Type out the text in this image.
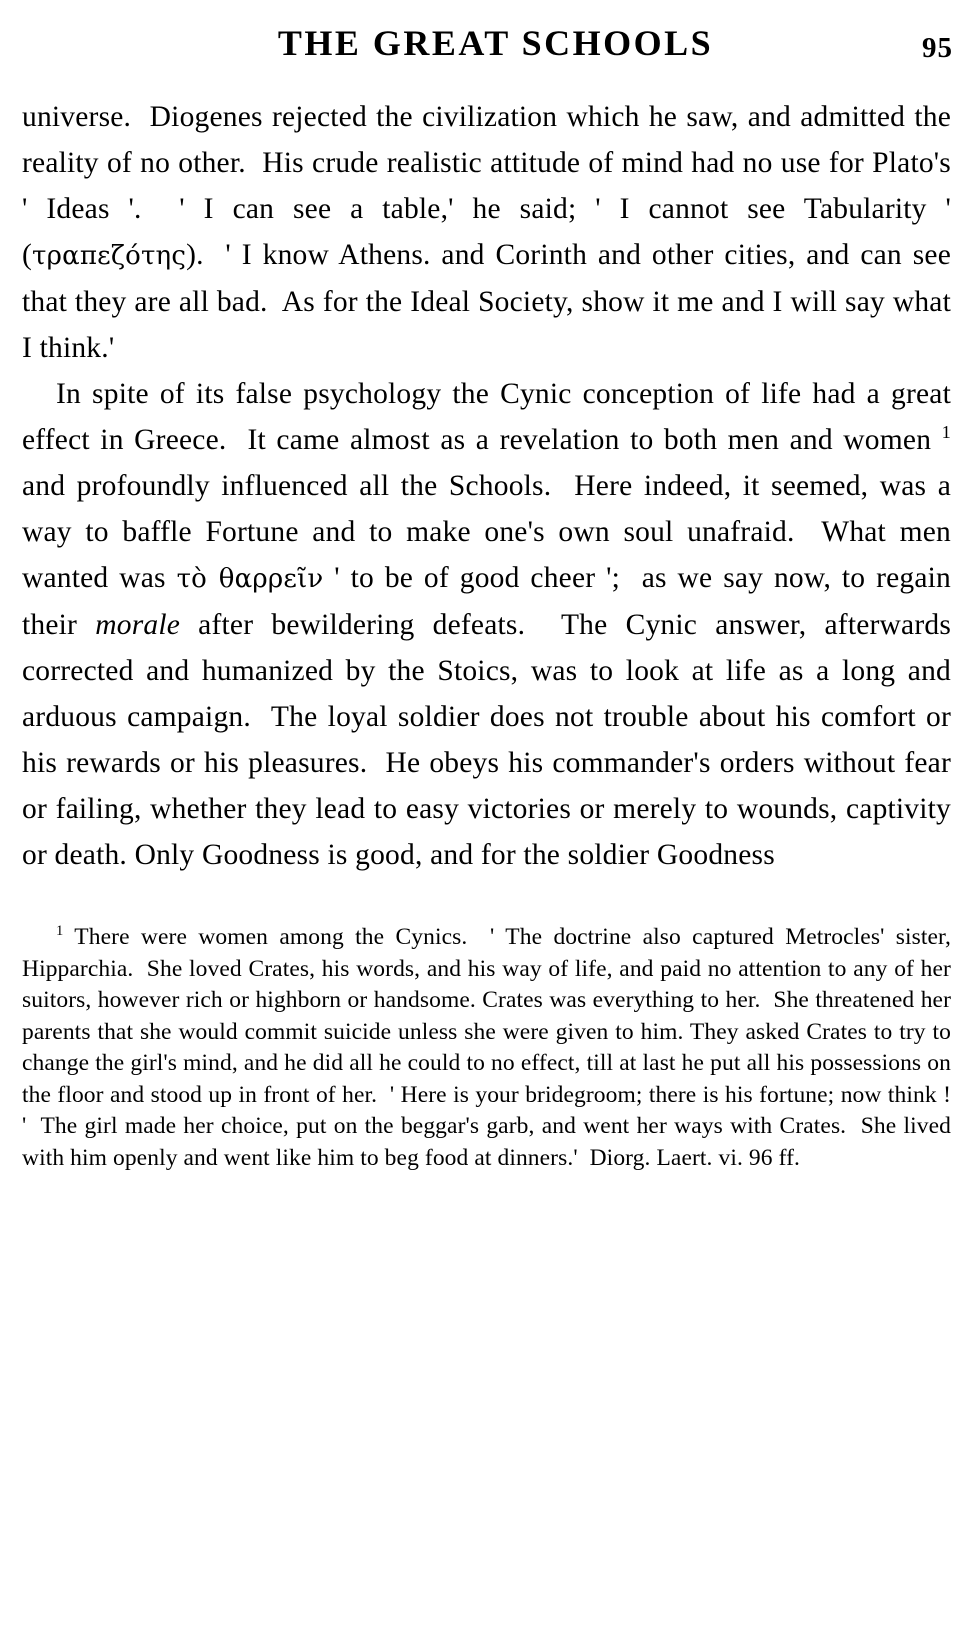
THE GREAT SCHOOLS	95

universe.  Diogenes rejected the civilization which he saw, and admitted the reality of no other.  His crude realistic attitude of mind had no use for Plato's ' Ideas '.  ' I can see a table,' he said; ' I cannot see Tabularity ' (τραπεζότης).  ' I know Athens. and Corinth and other cities, and can see that they are all bad.  As for the Ideal Society, show it me and I will say what I think.'

In spite of its false psychology the Cynic conception of life had a great effect in Greece.  It came almost as a revelation to both men and women $^1$ and profoundly influenced all the Schools.  Here indeed, it seemed, was a way to baffle Fortune and to make one's own soul unafraid.  What men wanted was τὸ θαρρεῖν ' to be of good cheer ';  as we say now, to regain their morale after bewildering defeats.  The Cynic answer, afterwards corrected and humanized by the Stoics, was to look at life as a long and arduous campaign.  The loyal soldier does not trouble about his comfort or his rewards or his pleasures.  He obeys his commander's orders without fear or failing, whether they lead to easy victories or merely to wounds, captivity or death. Only Goodness is good, and for the soldier Goodness

$^1$ There were women among the Cynics.  ' The doctrine also captured Metrocles' sister, Hipparchia.  She loved Crates, his words, and his way of life, and paid no attention to any of her suitors, however rich or highborn or handsome. Crates was everything to her.  She threatened her parents that she would commit suicide unless she were given to him. They asked Crates to try to change the girl's mind, and he did all he could to no effect, till at last he put all his possessions on the floor and stood up in front of her.  ' Here is your bridegroom; there is his fortune; now think ! '  The girl made her choice, put on the beggar's garb, and went her ways with Crates.  She lived with him openly and went like him to beg food at dinners.'  Diorg. Laert. vi. 96 ff.
